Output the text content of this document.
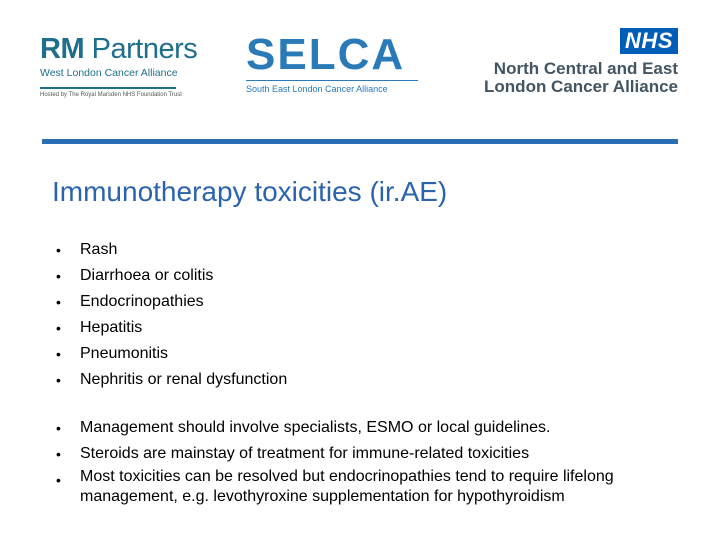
RM Partners
West London Cancer Alliance
Hosted by The Royal Marsden NHS Foundation Trust
SELCA
South East London Cancer Alliance
NHS
North Central and East
London Cancer Alliance
Immunotherapy toxicities (ir.AE)
• Rash
• Diarrhoea or colitis
• Endocrinopathies
• Hepatitis
• Pneumonitis
• Nephritis or renal dysfunction
• Management should involve specialists, ESMO or local guidelines.
• Steroids are mainstay of treatment for immune-related toxicities
• Most toxicities can be resolved but endocrinopathies tend to require lifelong management, e.g. levothyroxine supplementation for hypothyroidism
